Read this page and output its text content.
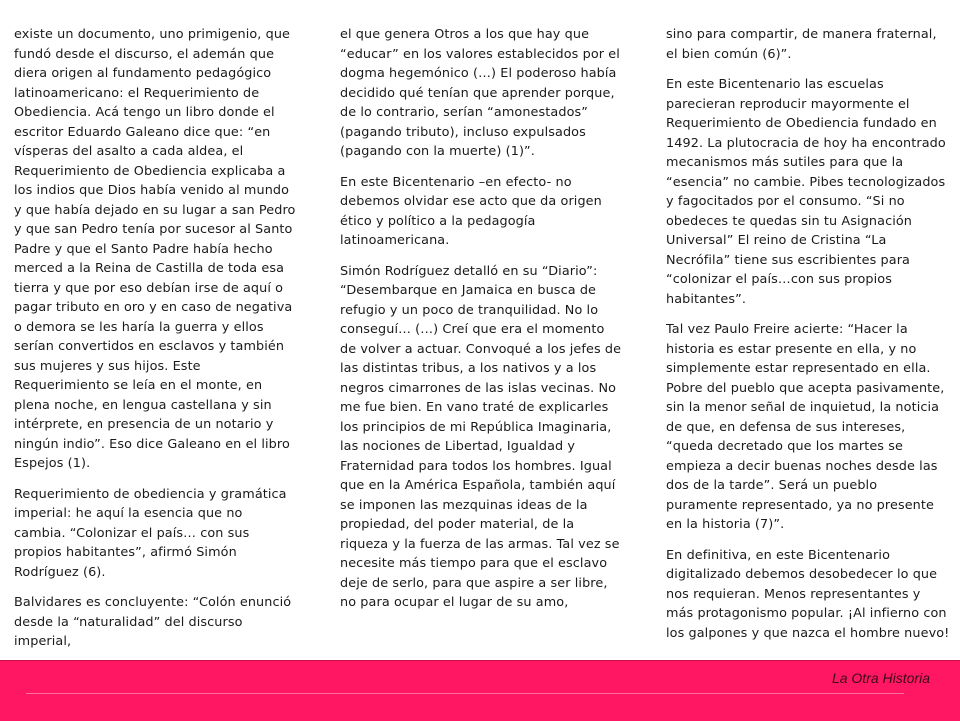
existe un documento, uno primigenio, que fundó desde el discurso, el ademán que diera origen al fundamento pedagógico latinoamericano: el Requerimiento de Obediencia. Acá tengo un libro donde el escritor Eduardo Galeano dice que: “en vísperas del asalto a cada aldea, el Requerimiento de Obediencia explicaba a los indios que Dios había venido al mundo y que había dejado en su lugar a san Pedro y que san Pedro tenía por sucesor al Santo Padre y que el Santo Padre había hecho merced a la Reina de Castilla de toda esa tierra y que por eso debían irse de aquí o pagar tributo en oro y en caso de negativa o demora se les haría la guerra y ellos serían convertidos en esclavos y también sus mujeres y sus hijos. Este Requerimiento se leía en el monte, en plena noche, en lengua castellana y sin intérprete, en presencia de un notario y ningún indio”. Eso dice Galeano en el libro Espejos (1).

Requerimiento de obediencia y gramática imperial: he aquí la esencia que no cambia. “Colonizar el país… con sus propios habitantes”, afirmó Simón Rodríguez (6).

Balvidares es concluyente: “Colón enunció desde la “naturalidad” del discurso imperial,

el que genera Otros a los que hay que “educar” en los valores establecidos por el dogma hegemónico (…) El poderoso había decidido qué tenían que aprender porque, de lo contrario, serían “amonestados” (pagando tributo), incluso expulsados (pagando con la muerte) (1)”.

En este Bicentenario –en efecto- no debemos olvidar ese acto que da origen ético y político a la pedagogía latinoamericana.

Simón Rodríguez detalló en su “Diario”: “Desembarque en Jamaica en busca de refugio y un poco de tranquilidad. No lo conseguí… (…) Creí que era el momento de volver a actuar. Convoqué a los jefes de las distintas tribus, a los nativos y a los negros cimarrones de las islas vecinas. No me fue bien. En vano traté de explicarles los principios de mi República Imaginaria, las nociones de Libertad, Igualdad y Fraternidad para todos los hombres. Igual que en la América Española, también aquí se imponen las mezquinas ideas de la propiedad, del poder material, de la riqueza y la fuerza de las armas. Tal vez se necesite más tiempo para que el esclavo deje de serlo, para que aspire a ser libre, no para ocupar el lugar de su amo,

sino para compartir, de manera fraternal, el bien común (6)”.

En este Bicentenario las escuelas parecieran reproducir mayormente el Requerimiento de Obediencia fundado en 1492. La plutocracia de hoy ha encontrado mecanismos más sutiles para que la “esencia” no cambie. Pibes tecnologizados y fagocitados por el consumo. “Si no obedeces te quedas sin tu Asignación Universal” El reino de Cristina “La Necrófila” tiene sus escribientes para “colonizar el país…con sus propios habitantes”.

Tal vez Paulo Freire acierte: “Hacer la historia es estar presente en ella, y no simplemente estar representado en ella. Pobre del pueblo que acepta pasivamente, sin la menor señal de inquietud, la noticia de que, en defensa de sus intereses, “queda decretado que los martes se empieza a decir buenas noches desde las dos de la tarde”. Será un pueblo puramente representado, ya no presente en la historia (7)”.

En definitiva, en este Bicentenario digitalizado debemos desobedecer lo que nos requieran. Menos representantes y más protagonismo popular. ¡Al infierno con los galpones y que nazca el hombre nuevo!

La Otra Historia
